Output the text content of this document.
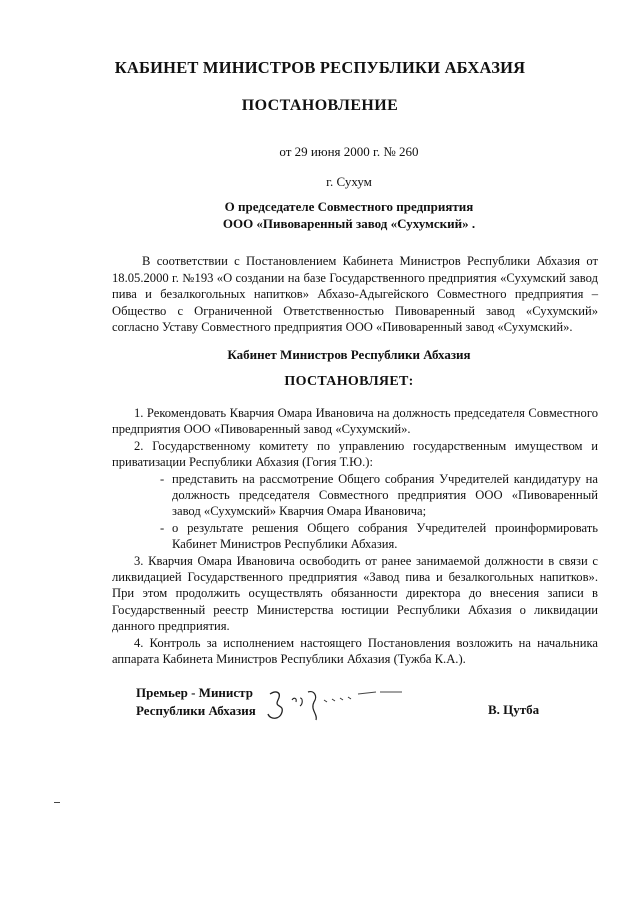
КАБИНЕТ МИНИСТРОВ РЕСПУБЛИКИ АБХАЗИЯ
ПОСТАНОВЛЕНИЕ
от 29 июня 2000 г. № 260
г. Сухум
О председателе Совместного предприятия
ООО «Пивоваренный завод «Сухумский» .

В соответствии с Постановлением Кабинета Министров Республики Абхазия от 18.05.2000 г. №193 «О создании на базе Государственного предприятия «Сухумский завод пива и безалкогольных напитков» Абхазо-Адыгейского Совместного предприятия – Общество с Ограниченной Ответственностью Пивоваренный завод «Сухумский» согласно Уставу Совместного предприятия ООО «Пивоваренный завод «Сухумский».

Кабинет Министров Республики Абхазия
ПОСТАНОВЛЯЕТ:

1. Рекомендовать Кварчия Омара Ивановича на должность председателя Совместного предприятия ООО «Пивоваренный завод «Сухумский».

2. Государственному комитету по управлению государственным имуществом и приватизации Республики Абхазия (Гогия Т.Ю.):

- представить на рассмотрение Общего собрания Учредителей кандидатуру на должность председателя Совместного предприятия ООО «Пивоваренный завод «Сухумский» Кварчия Омара Ивановича;

- о результате решения Общего собрания Учредителей проинформировать Кабинет Министров Республики Абхазия.

3. Кварчия Омара Ивановича освободить от ранее занимаемой должности в связи с ликвидацией Государственного предприятия «Завод пива и безалкогольных напитков». При этом продолжить осуществлять обязанности директора до внесения записи в Государственный реестр Министерства юстиции Республики Абхазия о ликвидации данного предприятия.

4. Контроль за исполнением настоящего Постановления возложить на начальника аппарата Кабинета Министров Республики Абхазия (Тужба К.А.).

Премьер - Министр
Республики Абхазия	В. Цутба
